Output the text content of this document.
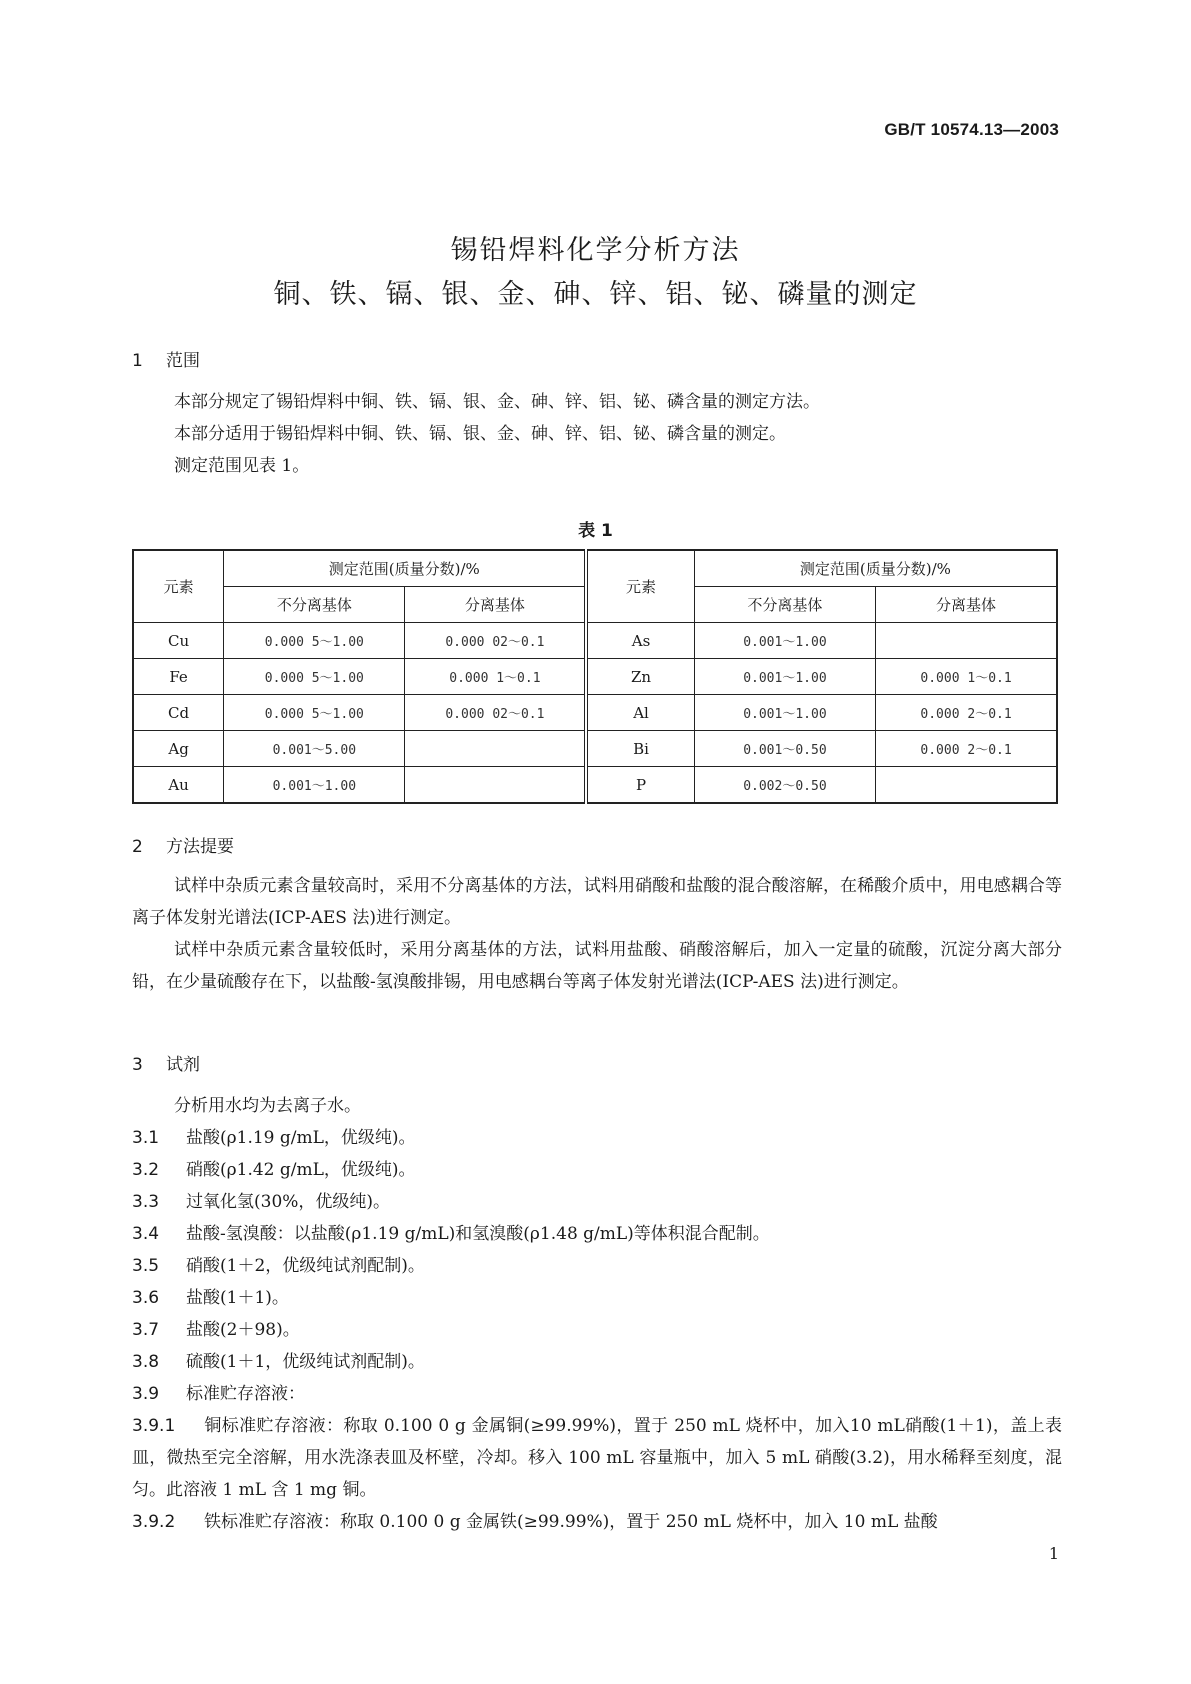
GB/T 10574.13—2003
锡铅焊料化学分析方法
铜、铁、镉、银、金、砷、锌、铝、铋、磷量的测定
1 范围
本部分规定了锡铅焊料中铜、铁、镉、银、金、砷、锌、铝、铋、磷含量的测定方法。
本部分适用于锡铅焊料中铜、铁、镉、银、金、砷、锌、铝、铋、磷含量的测定。
测定范围见表 1。
表 1
元素	测定范围(质量分数)/%		元素	测定范围(质量分数)/%	
	不分离基体	分离基体		不分离基体	分离基体
Cu	0.000 5～1.00	0.000 02～0.1	As	0.001～1.00	
Fe	0.000 5～1.00	0.000 1～0.1	Zn	0.001～1.00	0.000 1～0.1
Cd	0.000 5～1.00	0.000 02～0.1	Al	0.001～1.00	0.000 2～0.1
Ag	0.001～5.00		Bi	0.001～0.50	0.000 2～0.1
Au	0.001～1.00		P	0.002～0.50	
2 方法提要
试样中杂质元素含量较高时，采用不分离基体的方法，试料用硝酸和盐酸的混合酸溶解，在稀酸介质中，用电感耦合等离子体发射光谱法(ICP-AES 法)进行测定。
试样中杂质元素含量较低时，采用分离基体的方法，试料用盐酸、硝酸溶解后，加入一定量的硫酸，沉淀分离大部分铅，在少量硫酸存在下，以盐酸-氢溴酸排锡，用电感耦台等离子体发射光谱法(ICP-AES 法)进行测定。
3 试剂
分析用水均为去离子水。
3.1 盐酸(ρ1.19 g/mL，优级纯)。
3.2 硝酸(ρ1.42 g/mL，优级纯)。
3.3 过氧化氢(30%，优级纯)。
3.4 盐酸-氢溴酸：以盐酸(ρ1.19 g/mL)和氢溴酸(ρ1.48 g/mL)等体积混合配制。
3.5 硝酸(1＋2，优级纯试剂配制)。
3.6 盐酸(1＋1)。
3.7 盐酸(2＋98)。
3.8 硫酸(1＋1，优级纯试剂配制)。
3.9 标准贮存溶液：
3.9.1 铜标准贮存溶液：称取 0.100 0 g 金属铜(≥99.99%)，置于 250 mL 烧杯中，加入10 mL硝酸(1＋1)，盖上表皿，微热至完全溶解，用水洗涤表皿及杯壁，冷却。移入 100 mL 容量瓶中，加入 5 mL 硝酸(3.2)，用水稀释至刻度，混匀。此溶液 1 mL 含 1 mg 铜。
3.9.2 铁标准贮存溶液：称取 0.100 0 g 金属铁(≥99.99%)，置于 250 mL 烧杯中，加入 10 mL 盐酸
1
